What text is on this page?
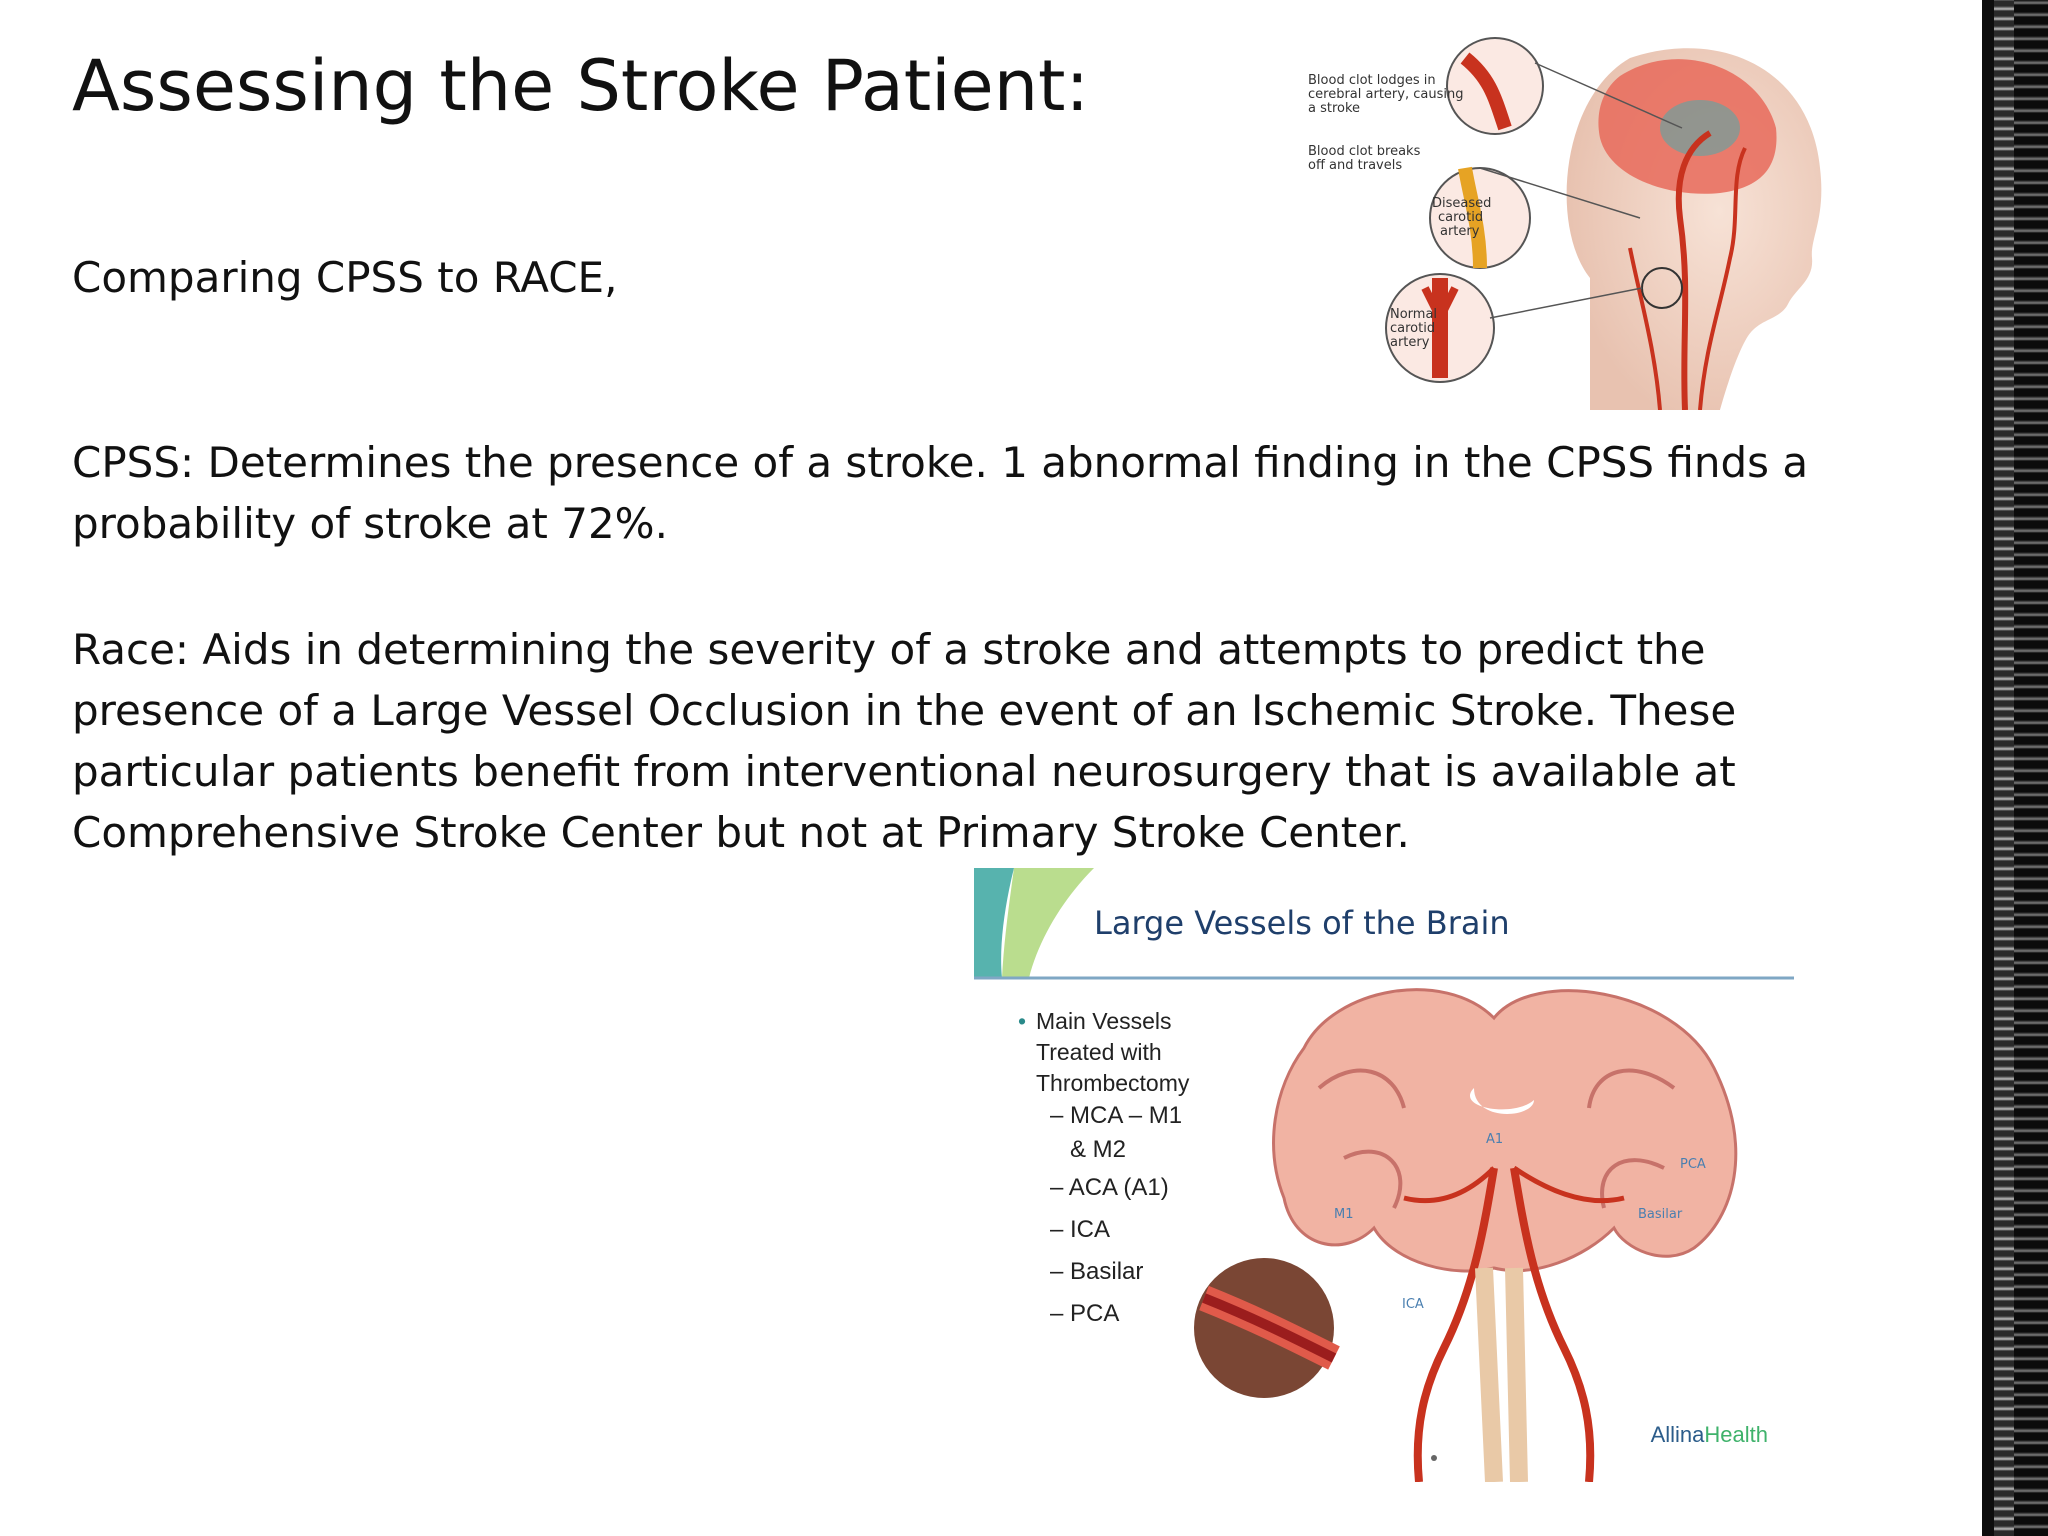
Assessing the Stroke Patient:
Comparing CPSS to RACE,
CPSS: Determines the presence of a stroke. 1 abnormal finding in the CPSS finds a probability of stroke at 72%.
Race: Aids in determining the severity of a stroke and attempts to predict the presence of a Large Vessel Occlusion in the event of an Ischemic Stroke. These particular patients benefit from interventional neurosurgery that is available at Comprehensive Stroke Center but not at Primary Stroke Center.
Blood clot lodges in
cerebral artery, causing
a stroke
Blood clot breaks
off and travels
Diseased
carotid
artery
Normal
carotid
artery
A1
PCA
M1	Basilar
ICA
Large Vessels of the Brain
• Main Vessels
Treated with
Thrombectomy
– MCA – M1
& M2
– ACA (A1)
– ICA
– Basilar
– PCA
AllinaHealth
